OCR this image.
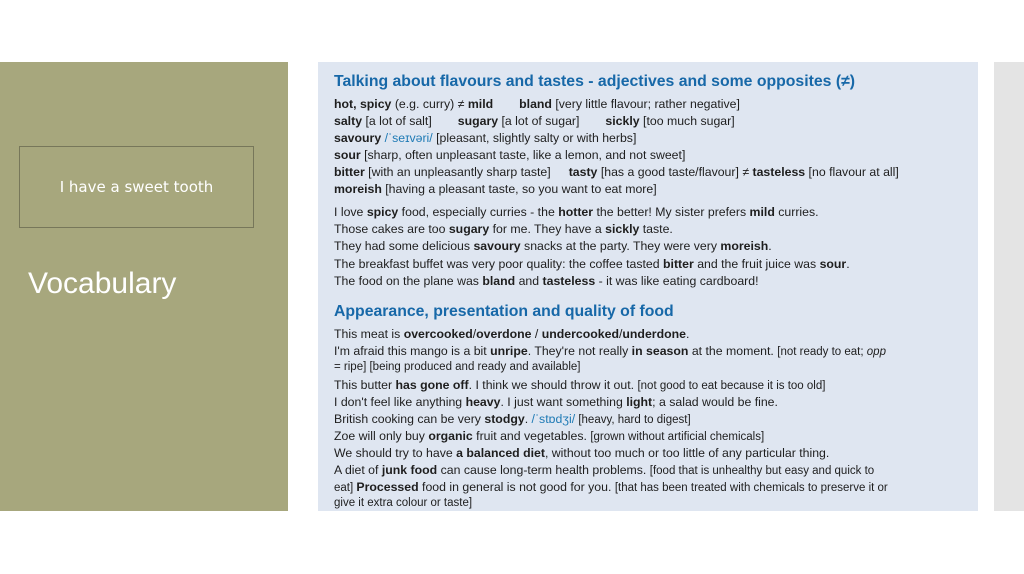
I have a sweet tooth
Vocabulary
Talking about flavours and tastes - adjectives and some opposites (≠)
hot, spicy (e.g. curry) ≠ mild bland [very little flavour; rather negative]
salty [a lot of salt] sugary [a lot of sugar] sickly [too much sugar]
savoury /ˈseɪvəri/ [pleasant, slightly salty or with herbs]
sour [sharp, often unpleasant taste, like a lemon, and not sweet]
bitter [with an unpleasantly sharp taste] tasty [has a good taste/flavour] ≠ tasteless [no flavour at all]
moreish [having a pleasant taste, so you want to eat more]
I love spicy food, especially curries - the hotter the better! My sister prefers mild curries.
Those cakes are too sugary for me. They have a sickly taste.
They had some delicious savoury snacks at the party. They were very moreish.
The breakfast buffet was very poor quality: the coffee tasted bitter and the fruit juice was sour.
The food on the plane was bland and tasteless - it was like eating cardboard!
Appearance, presentation and quality of food
This meat is overcooked/overdone / undercooked/underdone.
I'm afraid this mango is a bit unripe. They're not really in season at the moment. [not ready to eat; opp
= ripe] [being produced and ready and available]
This butter has gone off. I think we should throw it out. [not good to eat because it is too old]
I don't feel like anything heavy. I just want something light; a salad would be fine.
British cooking can be very stodgy. /ˈstɒdʒi/ [heavy, hard to digest]
Zoe will only buy organic fruit and vegetables. [grown without artificial chemicals]
We should try to have a balanced diet, without too much or too little of any particular thing.
A diet of junk food can cause long-term health problems. [food that is unhealthy but easy and quick to
eat] Processed food in general is not good for you. [that has been treated with chemicals to preserve it or
give it extra colour or taste]
